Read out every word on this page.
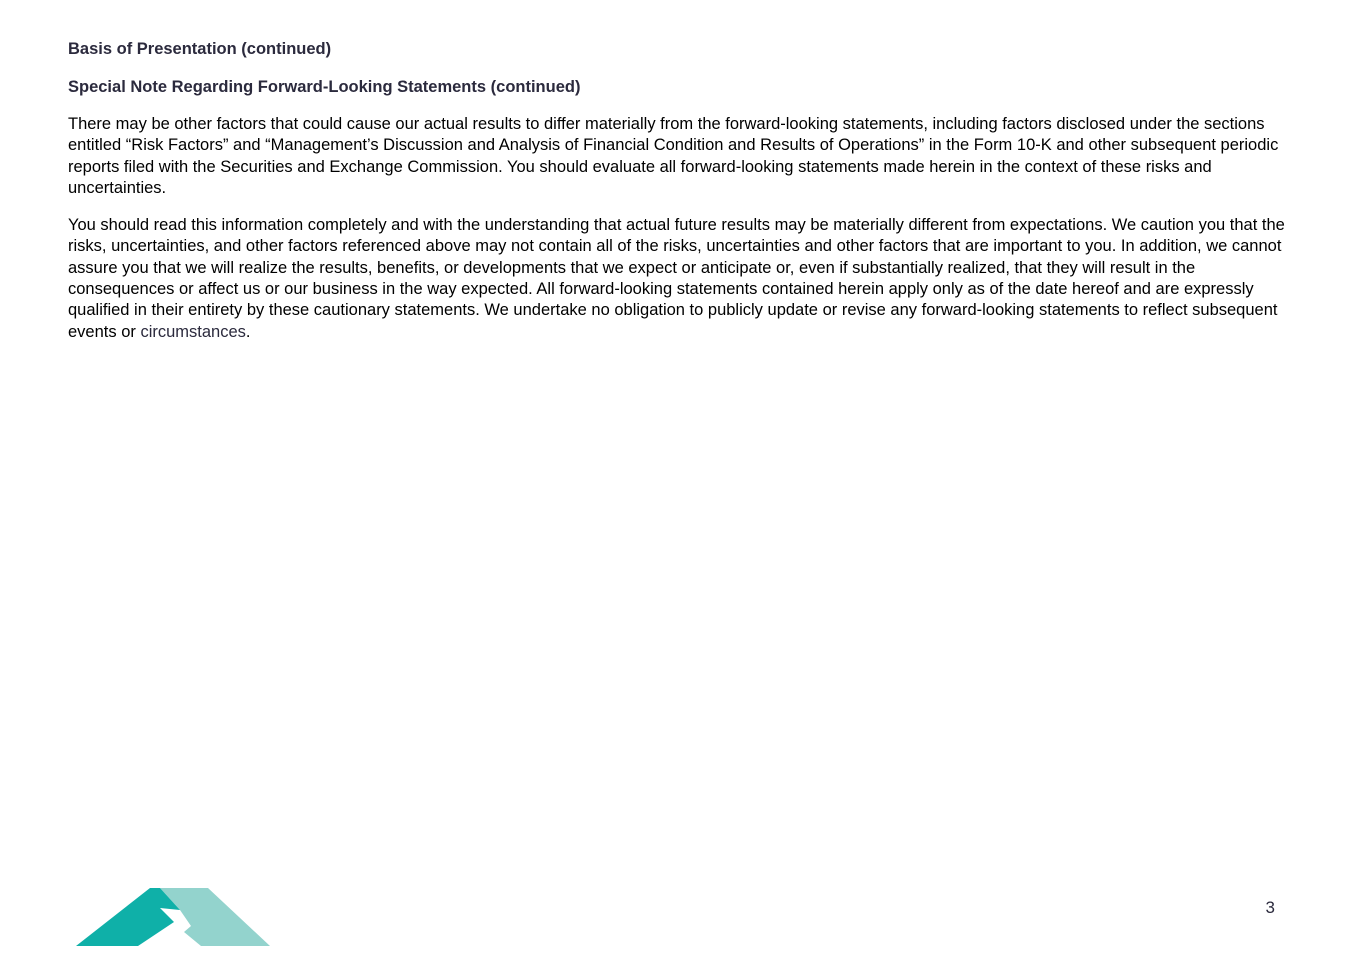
Basis of Presentation (continued)

Special Note Regarding Forward-Looking Statements (continued)

There may be other factors that could cause our actual results to differ materially from the forward-looking statements, including factors disclosed under the sections entitled “Risk Factors” and “Management’s Discussion and Analysis of Financial Condition and Results of Operations” in the Form 10-K and other subsequent periodic reports filed with the Securities and Exchange Commission. You should evaluate all forward-looking statements made herein in the context of these risks and uncertainties.

You should read this information completely and with the understanding that actual future results may be materially different from expectations. We caution you that the risks, uncertainties, and other factors referenced above may not contain all of the risks, uncertainties and other factors that are important to you. In addition, we cannot assure you that we will realize the results, benefits, or developments that we expect or anticipate or, even if substantially realized, that they will result in the consequences or affect us or our business in the way expected. All forward-looking statements contained herein apply only as of the date hereof and are expressly qualified in their entirety by these cautionary statements. We undertake no obligation to publicly update or revise any forward-looking statements to reflect subsequent events or circumstances.

3
